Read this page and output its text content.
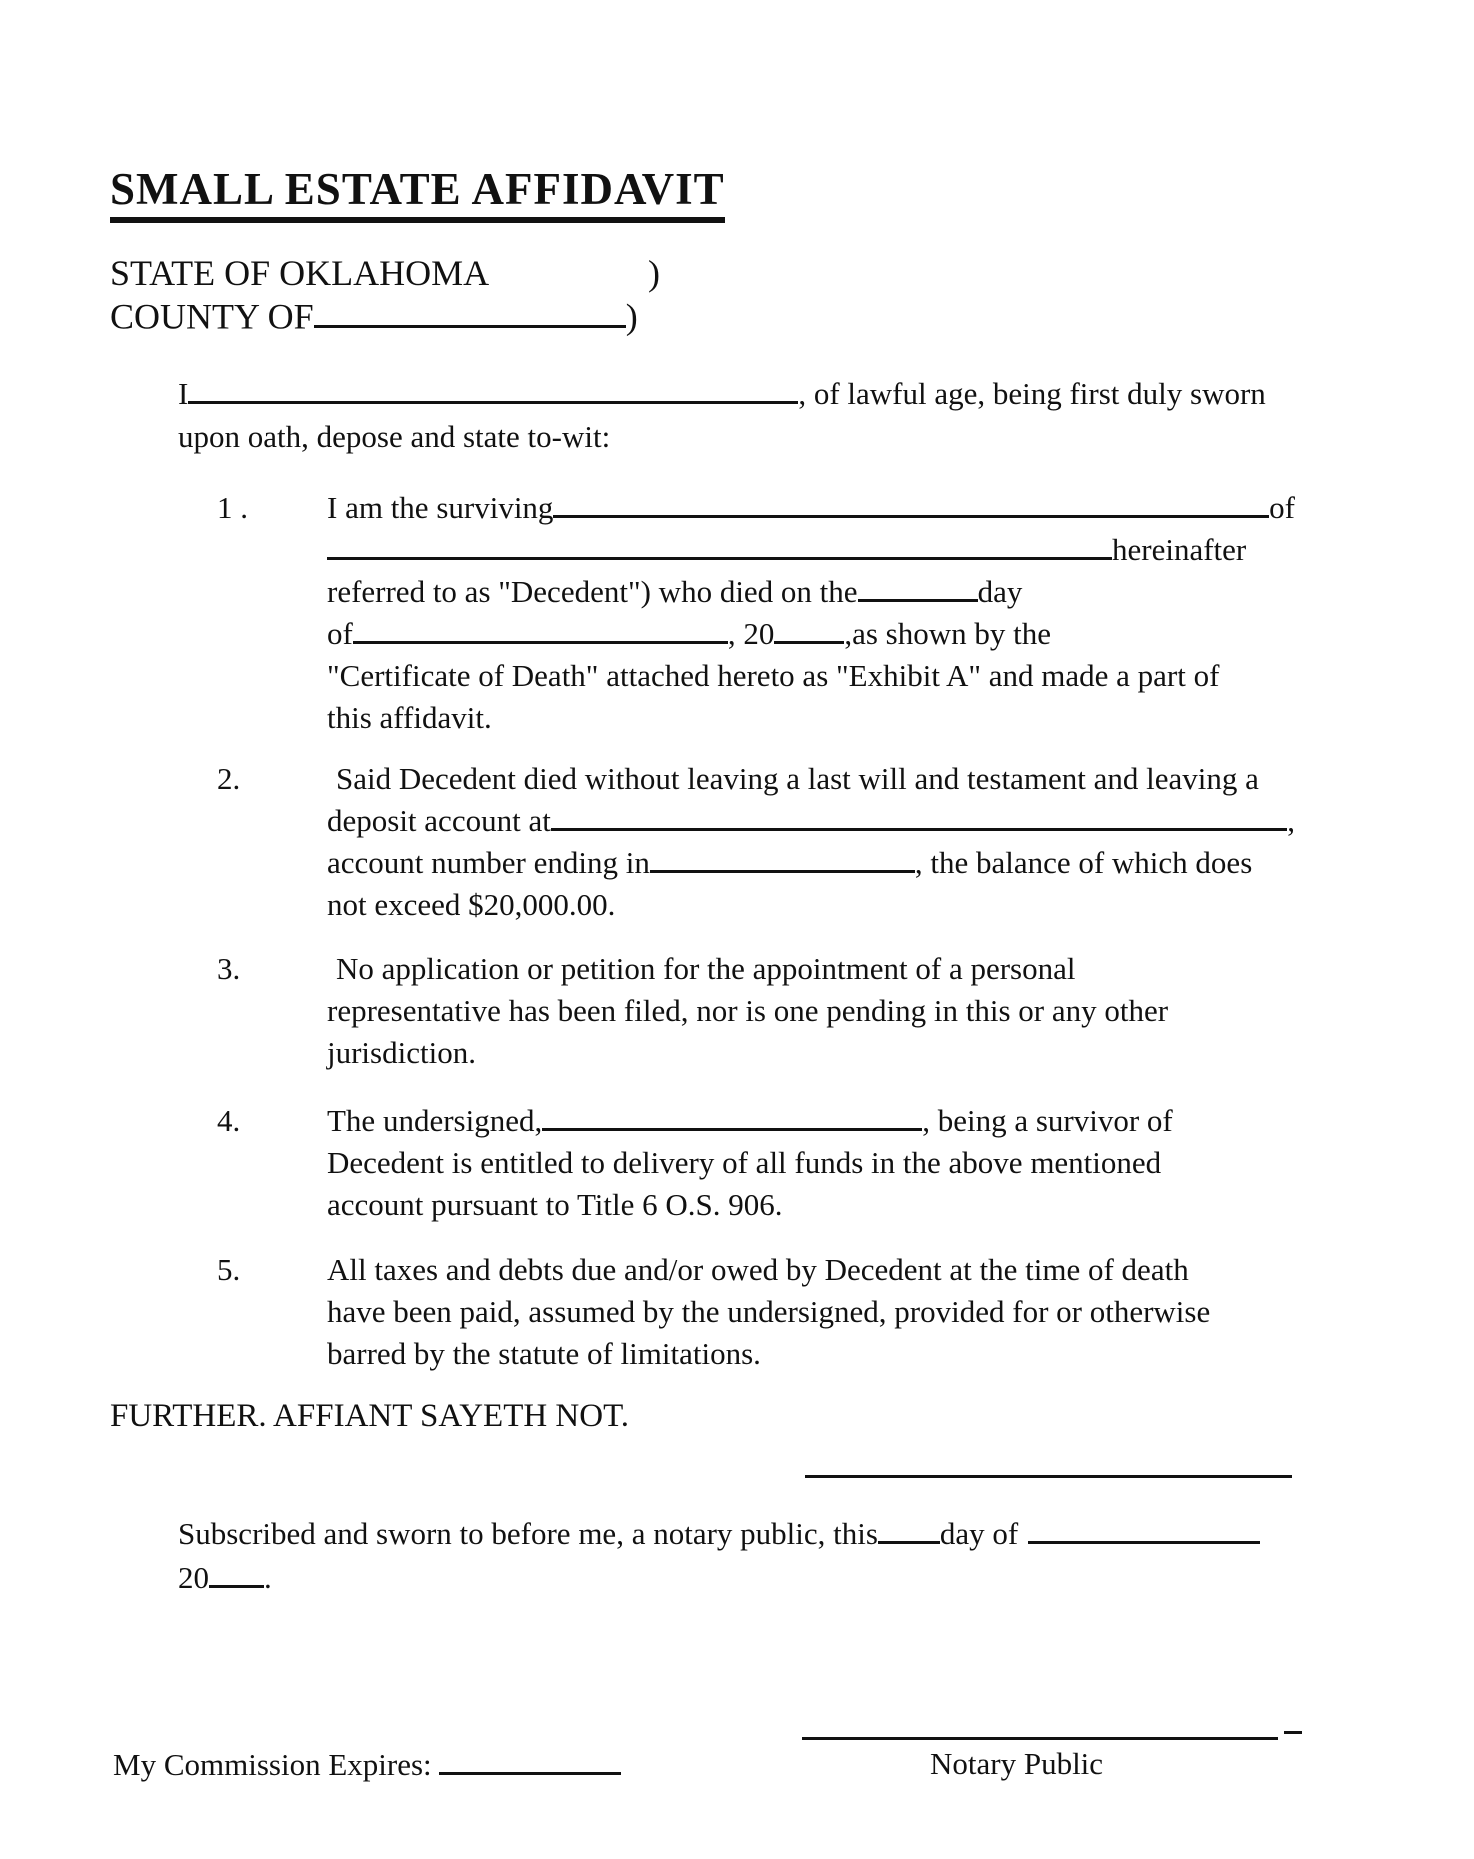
SMALL ESTATE AFFIDAVIT
STATE OF OKLAHOMA	)
COUNTY OF	)
I	, of lawful age, being first duly sworn
upon oath, depose and state to-wit:
1 .	I am the surviving	of
hereinafter
referred to as "Decedent") who died on the	day
of	, 20 ,as shown by the
"Certificate of Death" attached hereto as "Exhibit A" and made a part of
this affidavit.
2.	Said Decedent died without leaving a last will and testament and leaving a
deposit account at	,
account number ending in	, the balance of which does
not exceed $20,000.00.
3.	No application or petition for the appointment of a personal
representative has been filed, nor is one pending in this or any other
jurisdiction.
4.	The undersigned,	, being a survivor of
Decedent is entitled to delivery of all funds in the above mentioned
account pursuant to Title 6 O.S. 906.
5.	All taxes and debts due and/or owed by Decedent at the time of death
have been paid, assumed by the undersigned, provided for or otherwise
barred by the statute of limitations.
FURTHER. AFFIANT SAYETH NOT.
Subscribed and sworn to before me, a notary public, this day of
20 .
My Commission Expires:	Notary Public
